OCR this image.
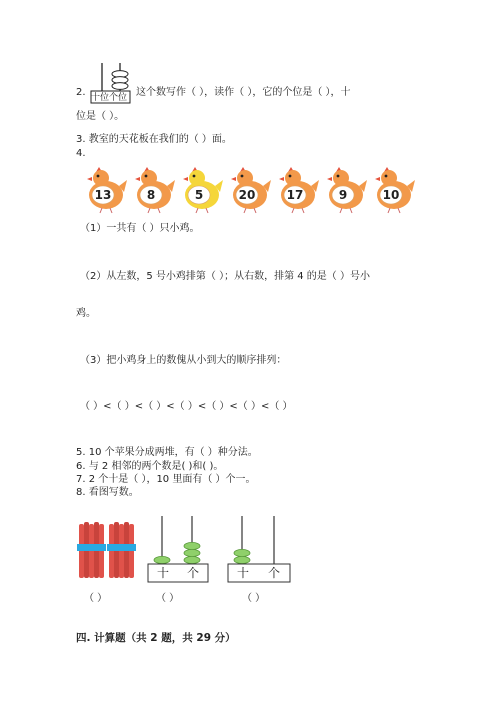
2. 十位个位 这个数写作（ ），读作（ ），它的个位是（ ），十
位是（ ）。
3. 教室的天花板在我们的（ ）面。
4.
13	8	5	20	17	9	10
（1）一共有（ ）只小鸡。
（2）从左数，5 号小鸡排第（ ）；从右数，排第 4 的是（ ）号小
鸡。
（3）把小鸡身上的数傀从小到大的顺序排列：
（ ）<（ ）<（ ）<（ ）<（ ）<（ ）<（ ）
5. 10 个苹果分成两堆，有（ ）种分法。
6. 与 2 相邻的两个数是( )和( )。
7. 2 个十是（ ），10 里面有（ ）个一。
8. 看图写数。
十 个	十 个
（ ）	（ ）	（ ）
四. 计算题（共 2 题，共 29 分）
